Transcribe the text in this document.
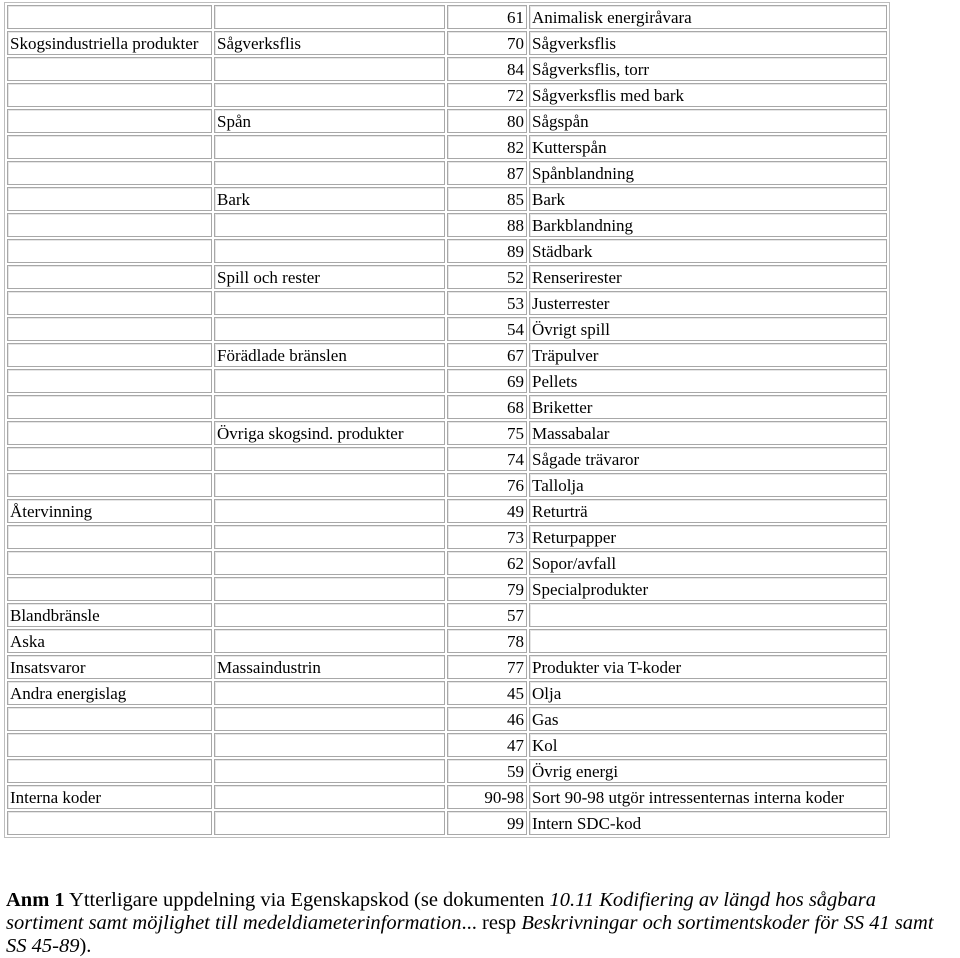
		61	Animalisk energiråvara
Skogsindustriella produkter	Sågverksflis	70	Sågverksflis
		84	Sågverksflis, torr
		72	Sågverksflis med bark
	Spån	80	Sågspån
		82	Kutterspån
		87	Spånblandning
	Bark	85	Bark
		88	Barkblandning
		89	Städbark
	Spill och rester	52	Renserirester
		53	Justerrester
		54	Övrigt spill
	Förädlade bränslen	67	Träpulver
		69	Pellets
		68	Briketter
	Övriga skogsind. produkter	75	Massabalar
		74	Sågade trävaror
		76	Tallolja
Återvinning		49	Returträ
		73	Returpapper
		62	Sopor/avfall
		79	Specialprodukter
Blandbränsle		57	
Aska		78	
Insatsvaror	Massaindustrin	77	Produkter via T-koder
Andra energislag		45	Olja
		46	Gas
		47	Kol
		59	Övrig energi
Interna koder		90-98	Sort 90-98 utgör intressenternas interna koder
		99	Intern SDC-kod

Anm 1 Ytterligare uppdelning via Egenskapskod (se dokumenten 10.11 Kodifiering av längd hos sågbara sortiment samt möjlighet till medeldiameterinformation... resp Beskrivningar och sortimentskoder för SS 41 samt SS 45-89).
